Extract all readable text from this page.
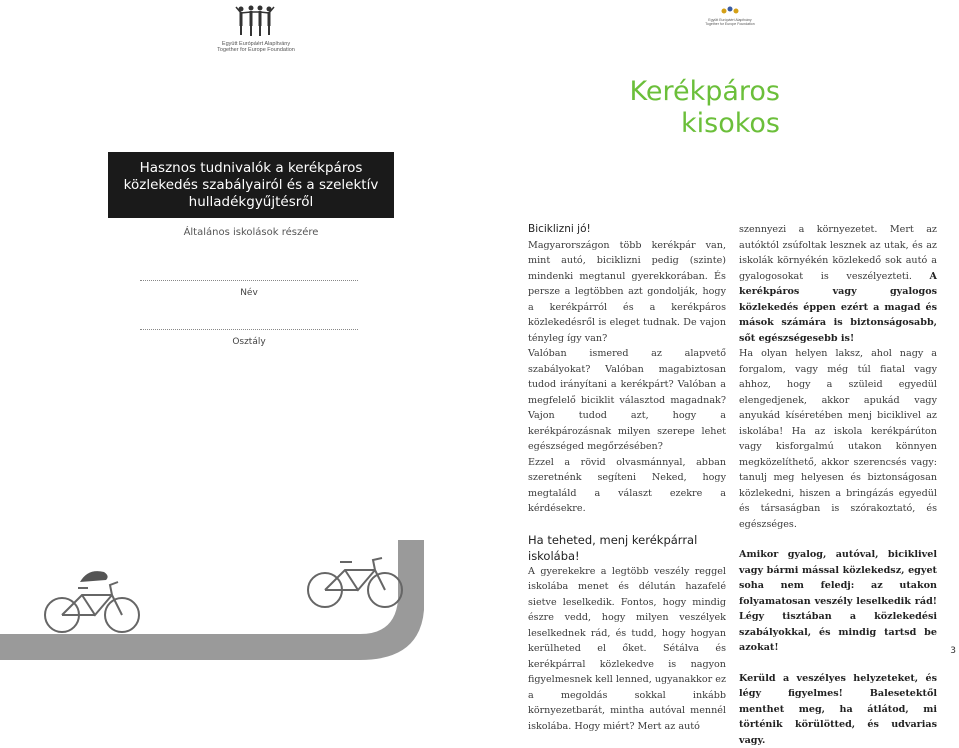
Együtt Európáért Alapítvány
Together for Europe Foundation
Együtt Európáért Alapítvány
Together for Europe Foundation
Kerékpáros
kisokos
Hasznos tudnivalók a kerékpáros
közlekedés szabályairól és a szelektív
hulladékgyűjtésről
Általános iskolások részére
Név
Osztály

Biciklizni jó!

Magyarországon több kerékpár van, mint autó, biciklizni pedig (szinte) mindenki megtanul gyerekkorában. És persze a legtöbben azt gondolják, hogy a kerékpárról és a kerékpáros közlekedésről is eleget tudnak. De vajon tényleg így van?

Valóban ismered az alapvető szabályokat? Valóban magabiztosan tudod irányítani a kerékpárt? Valóban a megfelelő biciklit választod magadnak? Vajon tudod azt, hogy a kerékpározásnak milyen szerepe lehet egészséged megőrzésében?

Ezzel a rövid olvasmánnyal, abban szeretnénk segíteni Neked, hogy megtaláld a választ ezekre a kérdésekre.

Ha teheted, menj kerékpárral iskolába!

A gyerekekre a legtöbb veszély reggel iskolába menet és délután hazafelé sietve leselkedik. Fontos, hogy mindig észre vedd, hogy milyen veszélyek leselkednek rád, és tudd, hogy hogyan kerülheted el őket. Sétálva és kerékpárral közlekedve is nagyon figyelmesnek kell lenned, ugyanakkor ez a megoldás sokkal inkább környezetbarát, mintha autóval mennél iskolába. Hogy miért? Mert az autó

szennyezi a környezetet. Mert az autóktól zsúfoltak lesznek az utak, és az iskolák környékén közlekedő sok autó a gyalogosokat is veszélyezteti. A kerékpáros vagy gyalogos közlekedés éppen ezért a magad és mások számára is biztonságosabb, sőt egészségesebb is!

Ha olyan helyen laksz, ahol nagy a forgalom, vagy még túl fiatal vagy ahhoz, hogy a szüleid egyedül elengedjenek, akkor apukád vagy anyukád kíséretében menj biciklivel az iskolába! Ha az iskola kerékpárúton vagy kisforgalmú utakon könnyen megközelíthető, akkor szerencsés vagy: tanulj meg helyesen és biztonságosan közlekedni, hiszen a bringázás egyedül és társaságban is szórakoztató, és egészséges.

Amikor gyalog, autóval, biciklivel vagy bármi mással közlekedsz, egyet soha nem feledj: az utakon folyamatosan veszély leselkedik rád! Légy tisztában a közlekedési szabályokkal, és mindig tartsd be azokat!

Kerüld a veszélyes helyzeteket, és légy figyelmes! Balesetektől menthet meg, ha átlátod, mi történik körülötted, és udvarias vagy.

3
